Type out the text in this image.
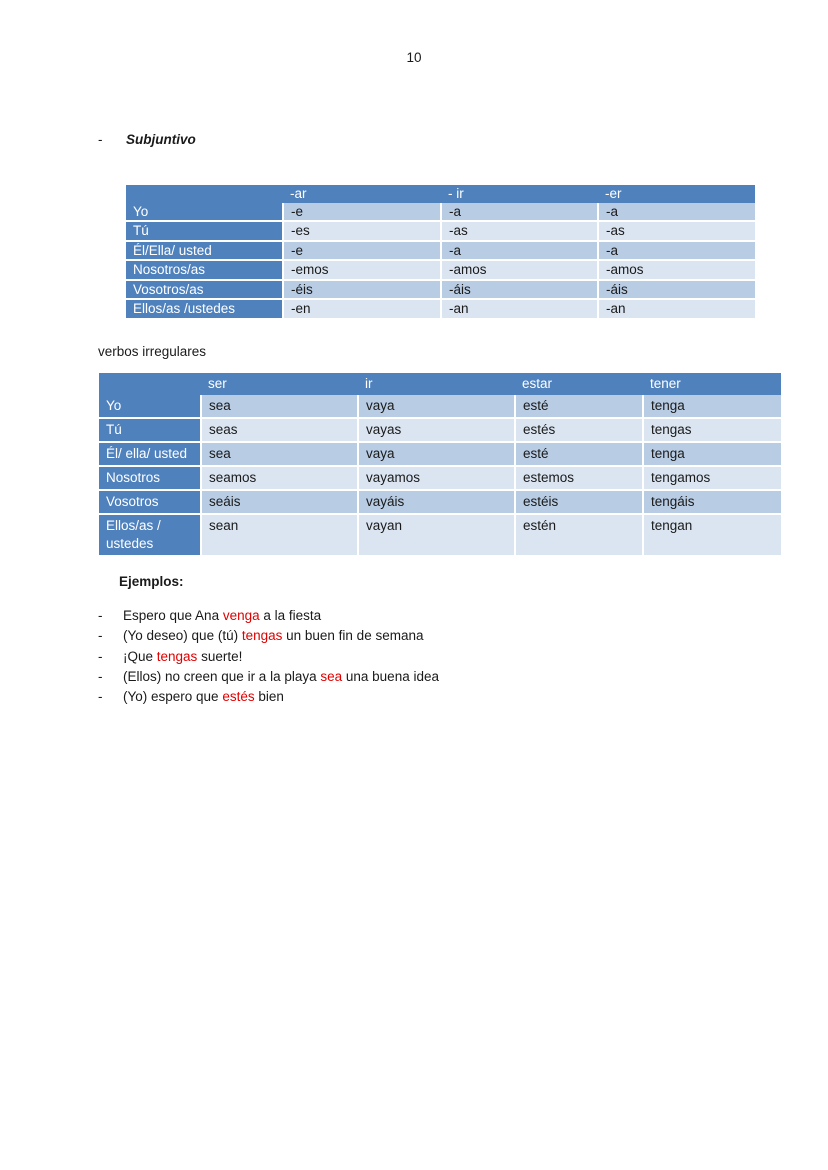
10
- Subjuntivo
	-ar	- ir	-er
Yo	-e	-a	-a
Tú	-es	-as	-as
Él/Ella/ usted	-e	-a	-a
Nosotros/as	-emos	-amos	-amos
Vosotros/as	-éis	-áis	-áis
Ellos/as /ustedes	-en	-an	-an
verbos irregulares
	ser	ir	estar	tener
Yo	sea	vaya	esté	tenga
Tú	seas	vayas	estés	tengas
Él/ ella/ usted	sea	vaya	esté	tenga
Nosotros	seamos	vayamos	estemos	tengamos
Vosotros	seáis	vayáis	estéis	tengáis
Ellos/as / ustedes	sean	vayan	estén	tengan
Ejemplos:
- Espero que Ana venga a la fiesta
- (Yo deseo) que (tú) tengas un buen fin de semana
- ¡Que tengas suerte!
- (Ellos) no creen que ir a la playa sea una buena idea
- (Yo) espero que estés bien
